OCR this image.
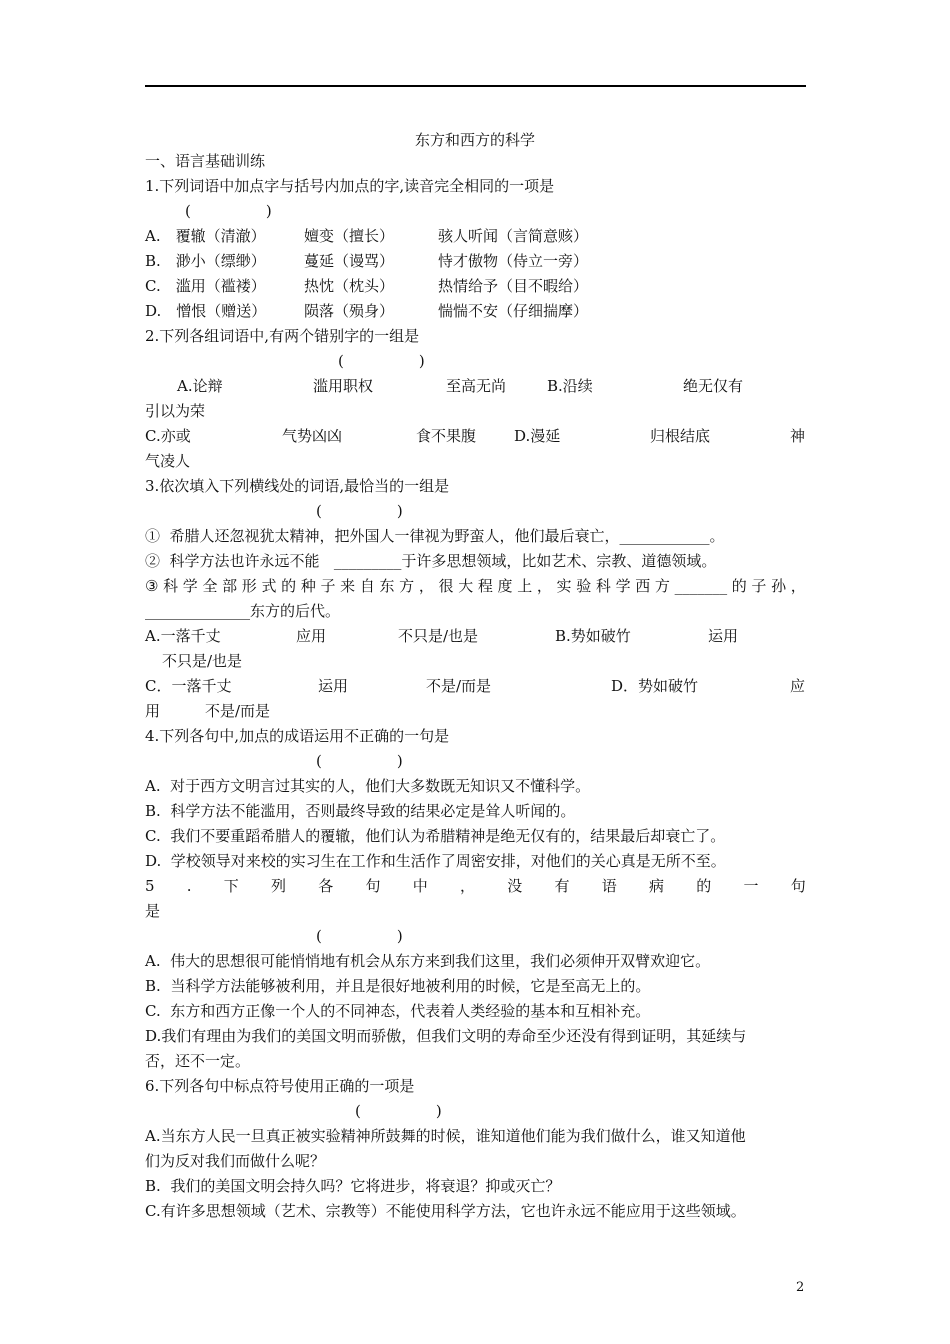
东方和西方的科学
一、语言基础训练
1.下列词语中加点字与括号内加点的字,读音完全相同的一项是
(　　　　　)
A.　覆辙（清澈）	嬗变（擅长）	骇人听闻（言简意赅）
B.　渺小（缥缈）	蔓延（谩骂）	恃才傲物（侍立一旁）
C.　滥用（褴褛）	热忱（枕头）	热情给予（目不暇给）
D.　憎恨（赠送）	陨落（殒身）	惴惴不安（仔细揣摩）
2.下列各组词语中,有两个错别字的一组是
(　　　　　)
A.论辩	滥用职权	至高无尚	B.沿续	绝无仅有
引以为荣
C.亦或	气势凶凶	食不果腹	D.漫延	归根结底	神
气凌人
3.依次填入下列横线处的词语,最恰当的一组是
(　　　　　)
①  希腊人还忽视犹太精神，把外国人一律视为野蛮人，他们最后衰亡，____________。
②  科学方法也许永远不能   _________于许多思想领域，比如艺术、宗教、道德领域。
③ 科 学 全 部 形 式 的 种 子 来 自 东 方 ， 很 大 程 度 上 ， 实 验 科 学 西 方 _______ 的 子 孙 ，
______________东方的后代。
A.一落千丈	应用	不只是/也是	B.势如破竹	运用
不只是/也是
C．一落千丈	运用	不是/而是	D．势如破竹	应
用　　　不是/而是
4.下列各句中,加点的成语运用不正确的一句是
(　　　　　)
A.  对于西方文明言过其实的人，他们大多数既无知识又不懂科学。
B.  科学方法不能滥用，否则最终导致的结果必定是耸人听闻的。
C.  我们不要重蹈希腊人的覆辙，他们认为希腊精神是绝无仅有的，结果最后却衰亡了。
D.  学校领导对来校的实习生在工作和生活作了周密安排，对他们的关心真是无所不至。
5 . 下 列 各 句 中 ， 没 有 语 病 的 一 句
是
(　　　　　)
A.  伟大的思想很可能悄悄地有机会从东方来到我们这里，我们必须伸开双臂欢迎它。
B.  当科学方法能够被利用，并且是很好地被利用的时候，它是至高无上的。
C.  东方和西方正像一个人的不同神态，代表着人类经验的基本和互相补充。
D.我们有理由为我们的美国文明而骄傲，但我们文明的寿命至少还没有得到证明，其延续与
否，还不一定。
6.下列各句中标点符号使用正确的一项是
(　　　　　)
A.当东方人民一旦真正被实验精神所鼓舞的时候，谁知道他们能为我们做什么，谁又知道他
们为反对我们而做什么呢？
B.  我们的美国文明会持久吗？它将进步，将衰退？抑或灭亡？
C.有许多思想领域（艺术、宗教等）不能使用科学方法，它也许永远不能应用于这些领域。
2
